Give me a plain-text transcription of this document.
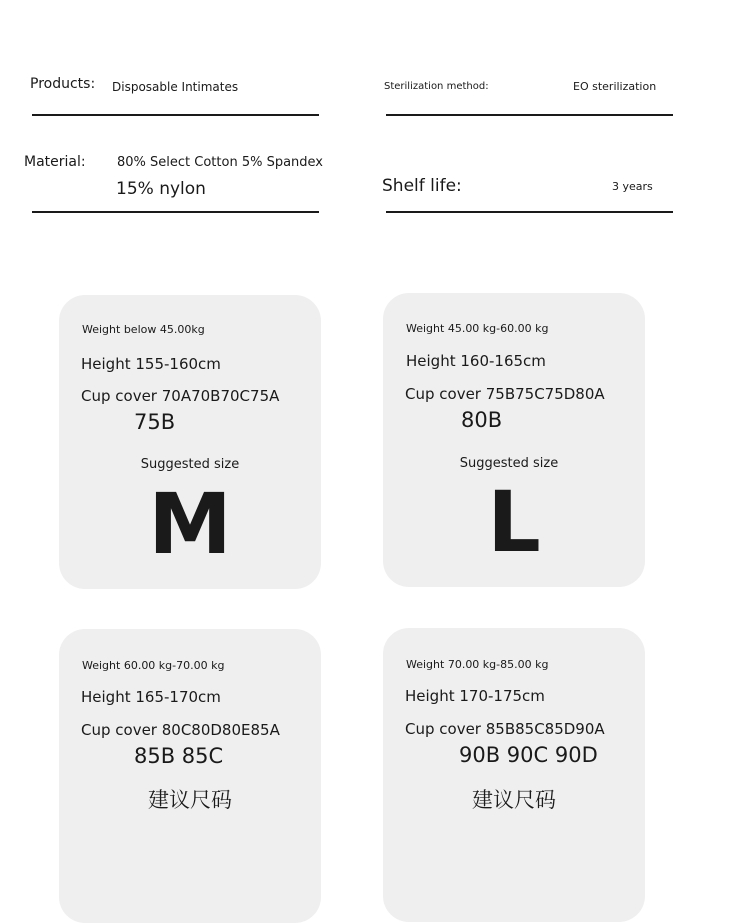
Products: Disposable Intimates	Sterilization method:	EO sterilization
Material: 80% Select Cotton 5% Spandex
15% nylon	Shelf life:	3 years
Weight below 45.00kg
Height 155-160cm
Cup cover 70A70B70C75A
75B
Suggested size
M
Weight 45.00 kg-60.00 kg
Height 160-165cm
Cup cover 75B75C75D80A
80B
Suggested size
L
Weight 60.00 kg-70.00 kg
Height 165-170cm
Cup cover 80C80D80E85A
85B 85C
建议尺码
Weight 70.00 kg-85.00 kg
Height 170-175cm
Cup cover 85B85C85D90A
90B 90C 90D
建议尺码
